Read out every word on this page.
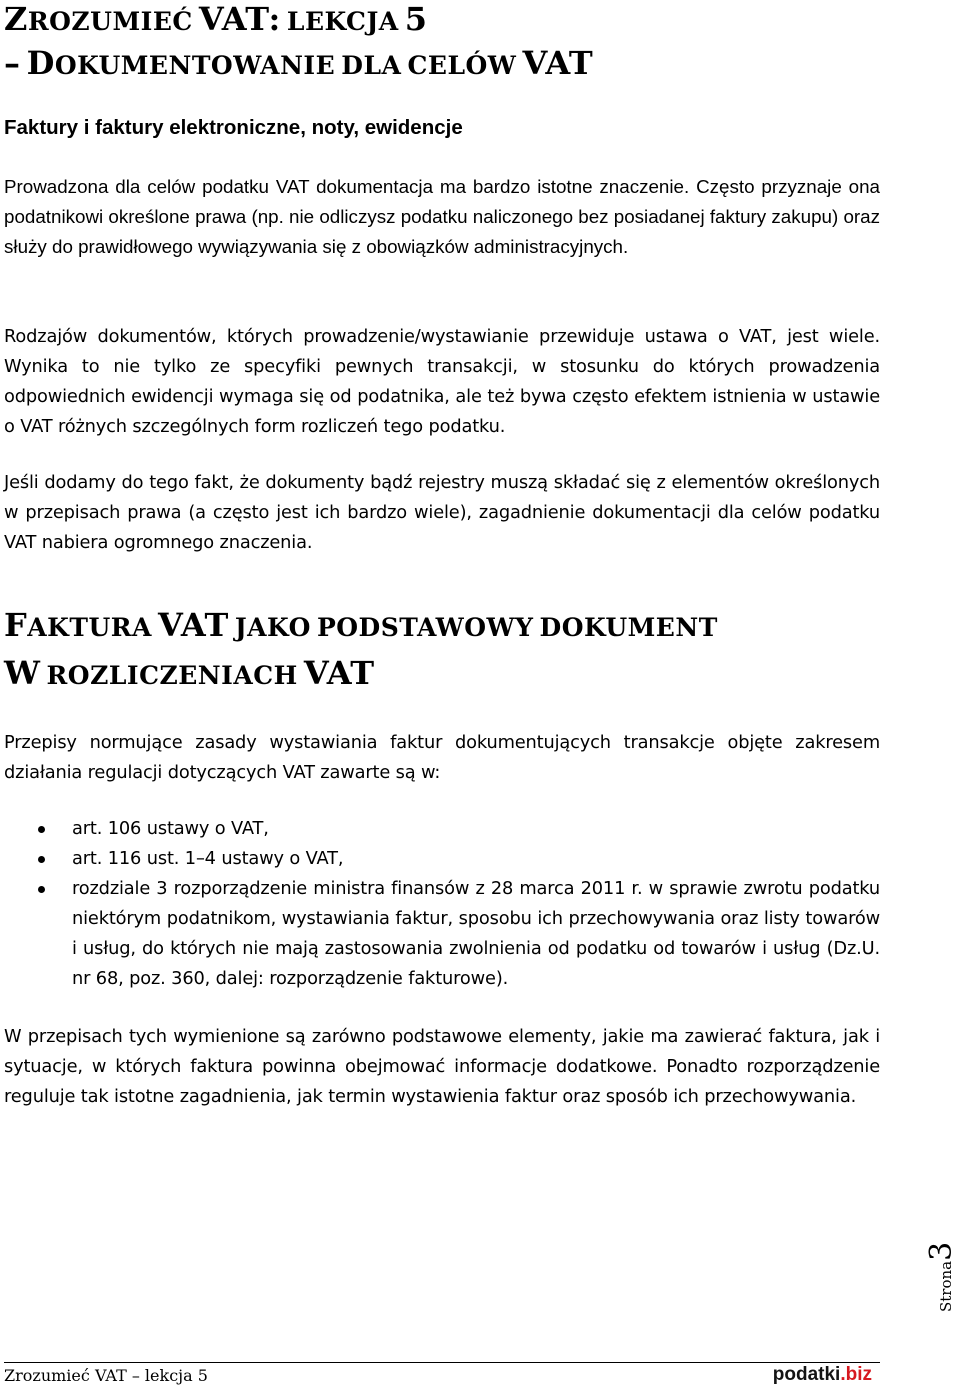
ZROZUMIEĆ VAT: LEKCJA 5
– DOKUMENTOWANIE DLA CELÓW VAT
Faktury i faktury elektroniczne, noty, ewidencje

Prowadzona dla celów podatku VAT dokumentacja ma bardzo istotne znaczenie. Często przyznaje ona podatnikowi określone prawa (np. nie odliczysz podatku naliczonego bez posiadanej faktury zakupu) oraz służy do prawidłowego wywiązywania się z obowiązków administracyjnych.

Rodzajów dokumentów, których prowadzenie/wystawianie przewiduje ustawa o VAT, jest wiele. Wynika to nie tylko ze specyfiki pewnych transakcji, w stosunku do których prowadzenia odpowiednich ewidencji wymaga się od podatnika, ale też bywa często efektem istnienia w ustawie o VAT różnych szczególnych form rozliczeń tego podatku.

Jeśli dodamy do tego fakt, że dokumenty bądź rejestry muszą składać się z elementów określonych w przepisach prawa (a często jest ich bardzo wiele), zagadnienie dokumentacji dla celów podatku VAT nabiera ogromnego znaczenia.

FAKTURA VAT JAKO PODSTAWOWY DOKUMENT
W ROZLICZENIACH VAT

Przepisy normujące zasady wystawiania faktur dokumentujących transakcje objęte zakresem działania regulacji dotyczących VAT zawarte są w:

art. 106 ustawy o VAT,
art. 116 ust. 1–4 ustawy o VAT,
rozdziale 3 rozporządzenie ministra finansów z 28 marca 2011 r. w sprawie zwrotu podatku niektórym podatnikom, wystawiania faktur, sposobu ich przechowywania oraz listy towarów i usług, do których nie mają zastosowania zwolnienia od podatku od towarów i usług (Dz.U. nr 68, poz. 360, dalej: rozporządzenie fakturowe).

W przepisach tych wymienione są zarówno podstawowe elementy, jakie ma zawierać faktura, jak i sytuacje, w których faktura powinna obejmować informacje dodatkowe. Ponadto rozporządzenie reguluje tak istotne zagadnienia, jak termin wystawienia faktur oraz sposób ich przechowywania.

Strona3
Zrozumieć VAT – lekcja 5	podatki.biz
